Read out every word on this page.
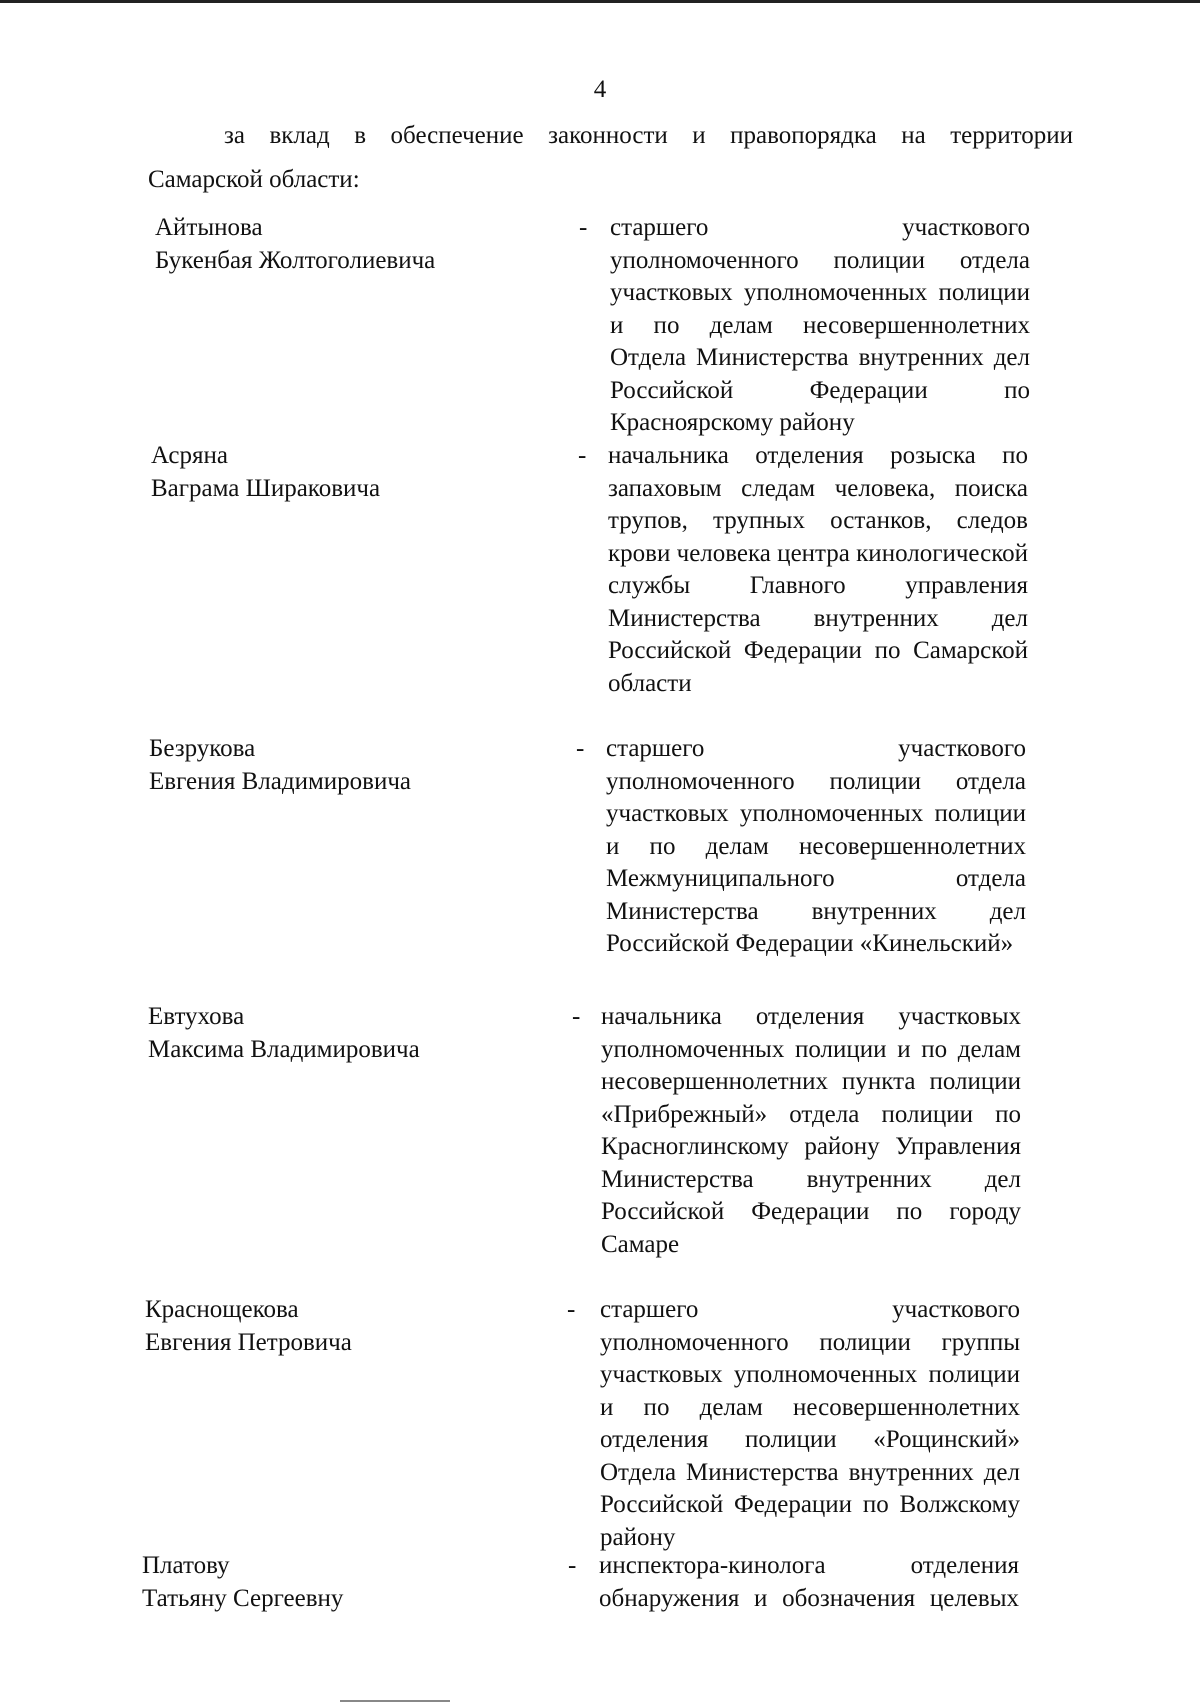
4
за вклад в обеспечение законности и правопорядка на территории
Самарской области:
Айтынова
Букенбая Жолтоголиевича
- старшего участкового уполномоченного полиции отдела участковых уполномоченных полиции и по делам несовершеннолетних Отдела Министерства внутренних дел Российской Федерации по Красноярскому району
Асряна
Ваграма Шираковича
- начальника отделения розыска по запаховым следам человека, поиска трупов, трупных останков, следов крови человека центра кинологической службы Главного управления Министерства внутренних дел Российской Федерации по Самарской области
Безрукова
Евгения Владимировича
- старшего участкового уполномоченного полиции отдела участковых уполномоченных полиции и по делам несовершеннолетних Межмуниципального отдела Министерства внутренних дел Российской Федерации «Кинельский»
Евтухова
Максима Владимировича
- начальника отделения участковых уполномоченных полиции и по делам несовершеннолетних пункта полиции «Прибрежный» отдела полиции по Красноглинскому району Управления Министерства внутренних дел Российской Федерации по городу Самаре
Краснощекова
Евгения Петровича
- старшего участкового уполномоченного полиции группы участковых уполномоченных полиции и по делам несовершеннолетних отделения полиции «Рощинский» Отдела Министерства внутренних дел Российской Федерации по Волжскому району
Платову
Татьяну Сергеевну
- инспектора-кинолога отделения обнаружения и обозначения целевых
